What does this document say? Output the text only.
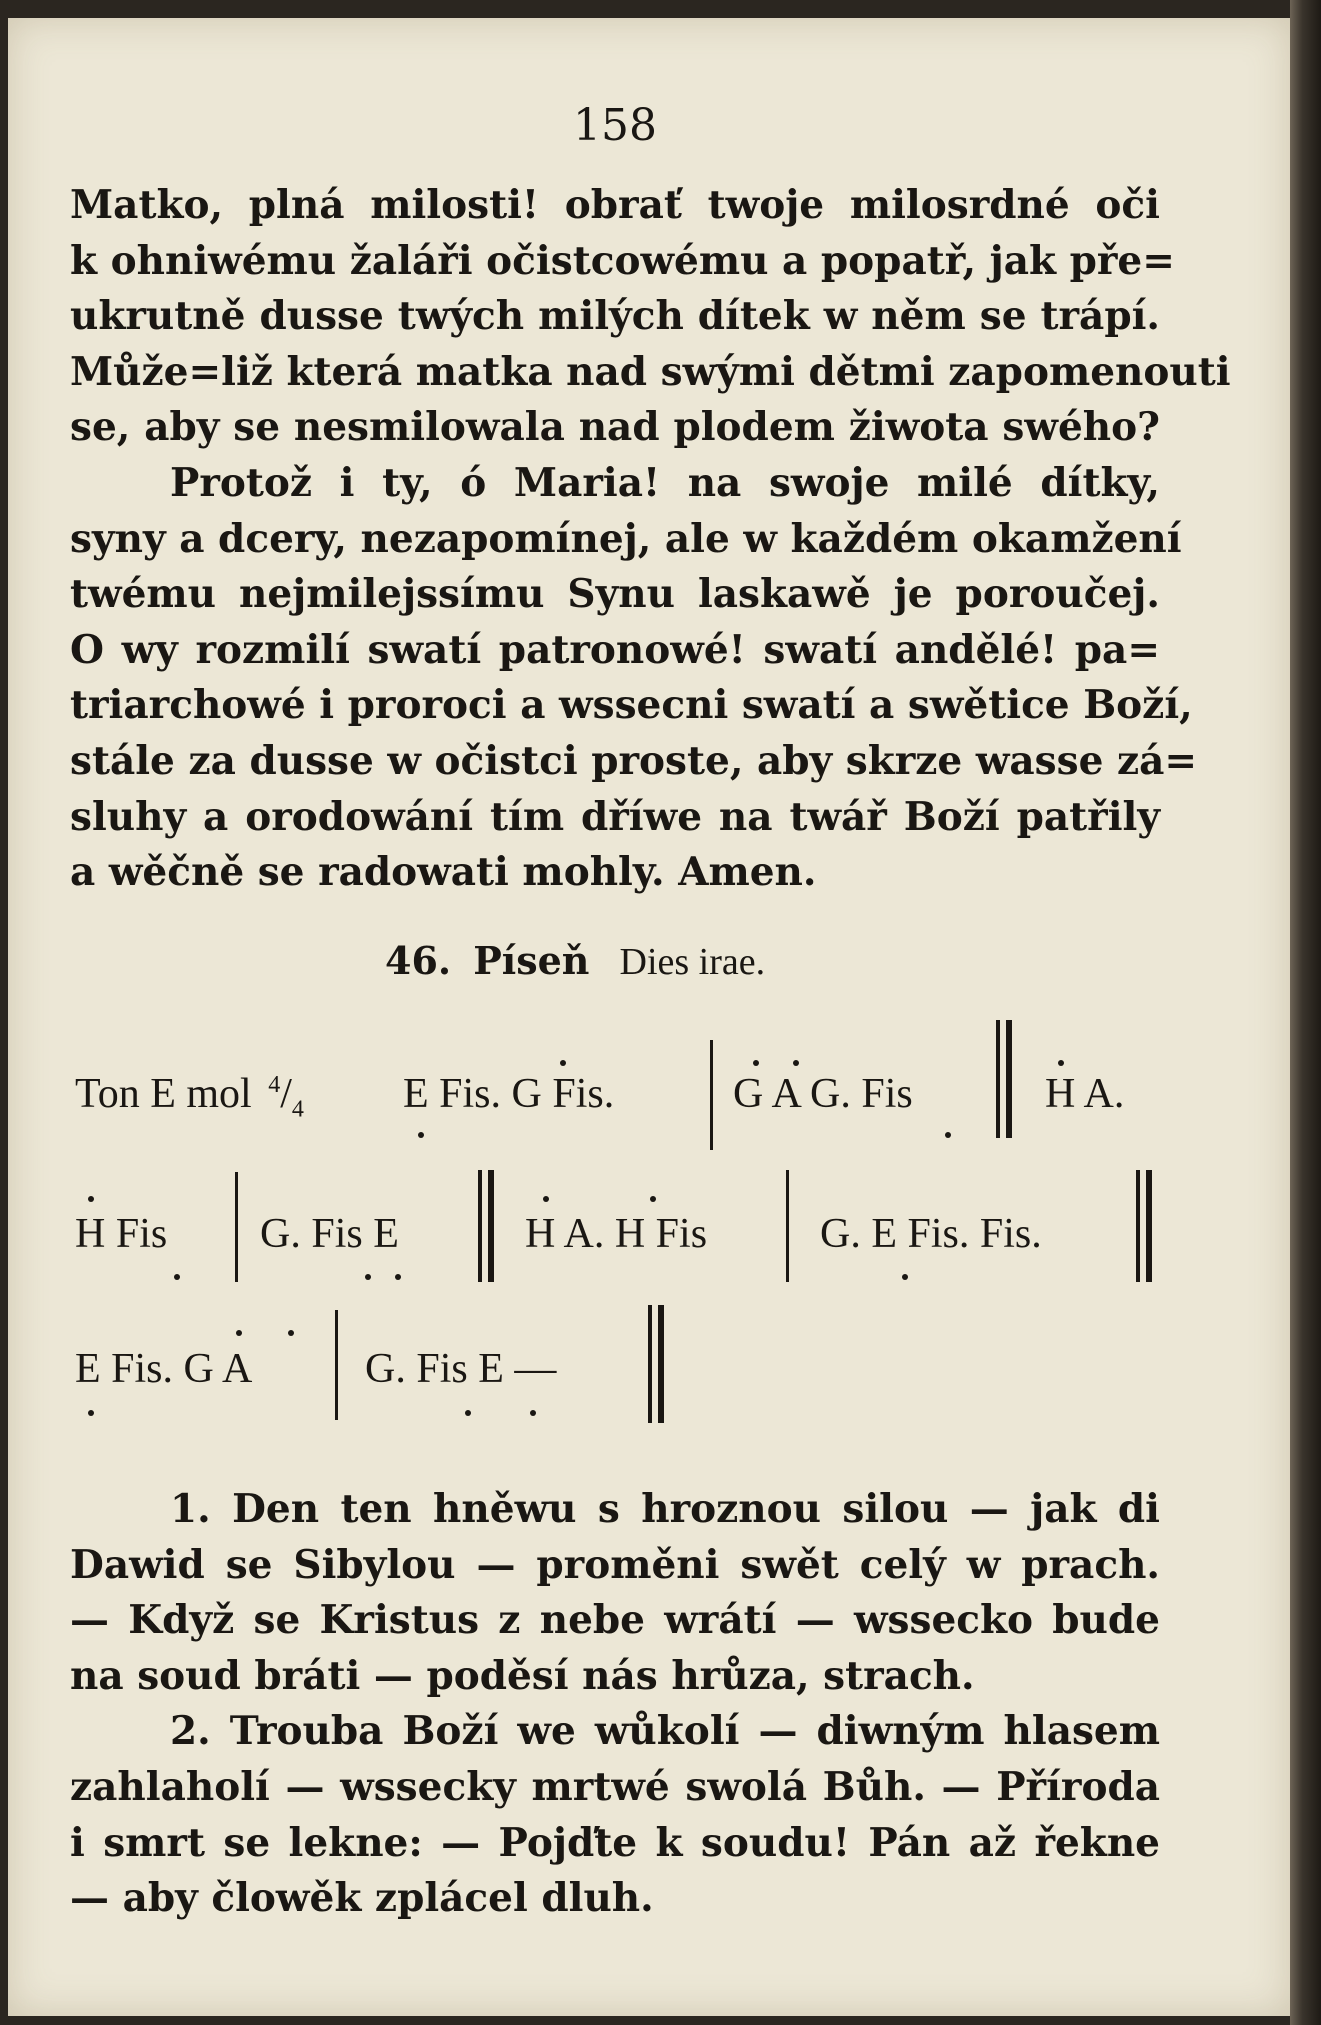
158
Matko, plná milosti! obrať twoje milosrdné oči
k ohniwému žaláři očistcowému a popatř, jak pře=
ukrutně dusse twých milých dítek w něm se trápí.
Může=liž která matka nad swými dětmi zapomenouti
se, aby se nesmilowala nad plodem žiwota swého?
Protož i ty, ó Maria! na swoje milé dítky,
syny a dcery, nezapomínej, ale w každém okamžení
twému nejmilejssímu Synu laskawě je poroučej.
O wy rozmilí swatí patronowé! swatí andělé! pa=
triarchowé i proroci a wssecni swatí a swětice Boží,
stále za dusse w očistci proste, aby skrze wasse zá=
sluhy a orodowání tím dříwe na twář Boží patřily
a wěčně se radowati mohly. Amen.
46. Píseň Dies irae.
Ton E mol $^4/_4$ E Fis. G Fis.	G A G. Fis	H A.
H Fis G. Fis E	H A. H Fis	G. E Fis. Fis.
E Fis. G A	G. Fis E —
1. Den ten hněwu s hroznou silou — jak di
Dawid se Sibylou — proměni swět celý w prach.
— Když se Kristus z nebe wrátí — wssecko bude
na soud bráti — poděsí nás hrůza, strach.
2. Trouba Boží we wůkolí — diwným hlasem
zahlaholí — wssecky mrtwé swolá Bůh. — Příroda
i smrt se lekne: — Pojďte k soudu! Pán až řekne
— aby člowěk zplácel dluh.
